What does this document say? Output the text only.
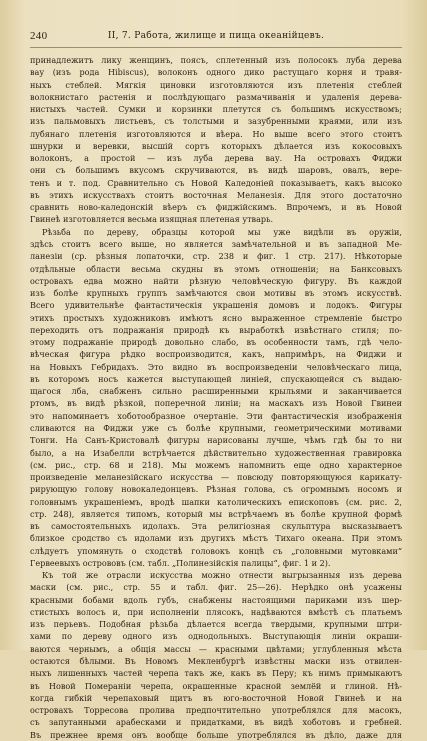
240	II, 7. Работа, жилище и пища океанійцевъ.
принадлежитъ лику женщинъ, поясъ, сплетенный изъ полосокъ луба дерева
вау (изъ рода Hibiscus), волоконъ одного дико растущаго корня и травя-
ныхъ стеблей. Мягкія циновки изготовляются изъ плетенія стеблей
волокнистаго растенія и послѣдующаго размачиванія и удаленія дерева-
нистыхъ частей. Сумки и корзинки плетутся съ большимъ искусствомъ;
изъ пальмовыхъ листьевъ, съ толстыми и зазубренными краями, или изъ
лубянаго плетенія изготовляются и вѣера. Но выше всего этого стоитъ
шнурки и веревки, высшій сортъ которыхъ дѣлается изъ кокосовыхъ
волоконъ, а простой — изъ луба дерева вау. На островахъ Фиджи
они съ большимъ вкусомъ скручиваются, въ видѣ шаровъ, овалъ, вере-
тенъ и т. под. Сравнительно съ Новой Каледоніей показываетъ, какъ высоко
въ этихъ искусствахъ стоитъ восточная Меланезія. Для этого достаточно
сравнить ново-каледонскій вѣеръ съ фиджійскимъ. Впрочемъ, и въ Новой
Гвинеѣ изготовляется весьма изящная плетеная утварь.
Рѣзьба по дереву, образцы которой мы уже видѣли въ оружіи,
здѣсь стоитъ всего выше, но является замѣчательной и въ западной Ме-
ланезіи (ср. рѣзныя лопаточки, стр. 238 и фиг. 1 стр. 217). Нѣкоторые
отдѣльные области весьма скудны въ этомъ отношеніи; на Банксовыхъ
островахъ едва можно найти рѣзную человѣческую фигуру. Въ каждой
изъ болѣе крупныхъ группъ замѣчаются свои мотивы въ этомъ искусствѣ.
Всего удивительнѣе фантастическія украшенія домовъ и лодокъ. Фигуры
этихъ простыхъ художниковъ имѣютъ ясно выраженное стремленіе быстро
переходить отъ подражанія природѣ къ выработкѣ извѣстнаго стиля; по-
этому подражаніе природѣ довольно слабо, въ особенности тамъ, гдѣ чело-
вѣческая фигура рѣдко воспроизводится, какъ, напримѣръ, на Фиджи и
на Новыхъ Гебридахъ. Это видно въ воспроизведеніи человѣческаго лица,
въ которомъ носъ кажется выступающей линіей, спускающейся съ выдаю-
щагося лба, снабженъ сильно расширенными крыльями и заканчивается
ртомъ, въ видѣ рѣзкой, поперечной линіи; на маскахъ изъ Новой Гвинеи
это напоминаетъ хоботообразное очертаніе. Эти фантастическія изображенія
сливаются на Фиджи уже съ болѣе крупными, геометрическими мотивами
Тонги. На Санъ-Кристовалѣ фигуры нарисованы лучше, чѣмъ гдѣ бы то ни
было, а на Изабелли встрѣчается дѣйствительно художественная гравировка
(см. рис., стр. 68 и 218). Мы можемъ напомнить еще одно характерное
произведеніе меланезійскаго искусства — повсюду повторяющуюся карикату-
рирующую голову новокаледонцевъ. Рѣзная голова, съ огромнымъ носомъ и
головнымъ украшеніемъ, вродѣ шапки католическихъ епископовъ (см. рис. 2,
стр. 248), является типомъ, который мы встрѣчаемъ въ болѣе крупной формѣ
въ самостоятельныхъ идолахъ. Эта религіозная скульптура высказываетъ
близкое сродство съ идолами изъ другихъ мѣстъ Тихаго океана. При этомъ
слѣдуетъ упомянуть о сходствѣ головокъ концѣ съ „головными мутовками“
Гервеевыхъ острововъ (см. табл. „Полинезійскія палицы“, фиг. 1 и 2).
Къ той же отрасли искусства можно отнести выгрызанныя изъ дерева
маски (см. рис., стр. 55 и табл. фиг. 25—26). Нерѣдко онѣ усажены
красными бобами вдоль губъ, снабжены настоящими париками изъ шер-
стистыхъ волосъ и, при исполненіи плясокъ, надѣваются вмѣстѣ съ платьемъ
изъ перьевъ. Подобная рѣзьба дѣлается всегда твердыми, крупными штри-
хами по дереву одного изъ однодольныхъ. Выступающія линіи окраши-
ваются чернымъ, а общія массы — красными цвѣтами; углубленныя мѣста
остаются бѣлыми. Въ Новомъ Мекленбургѣ извѣстны маски изъ отвилен-
ныхъ лишенныхъ частей черепа такъ же, какъ въ Перу; къ нимъ примыкаютъ
въ Новой Помераніи черепа, окрашенные красной землёй и глиной. Нѣ-
когда гибкій черепаховый щитъ въ юго-восточной Новой Гвинеѣ и на
островахъ Торресова пролива предпочтительно употреблялся для масокъ,
съ запутанными арабесками и придатками, въ видѣ хоботовъ и гребней.
Въ прежнее время онъ вообще больше употреблялся въ дѣло, даже для
